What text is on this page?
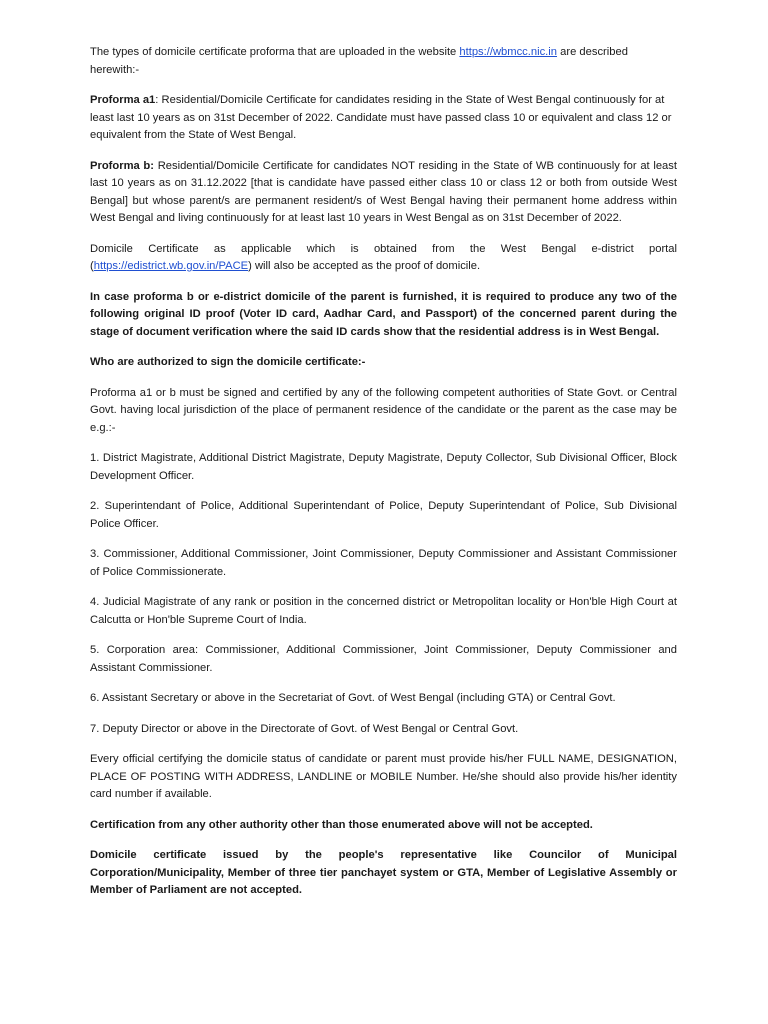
The types of domicile certificate proforma that are uploaded in the website https://wbmcc.nic.in are described herewith:-

Proforma a1: Residential/Domicile Certificate for candidates residing in the State of West Bengal continuously for at least last 10 years as on 31st December of 2022. Candidate must have passed class 10 or equivalent and class 12 or equivalent from the State of West Bengal.

Proforma b: Residential/Domicile Certificate for candidates NOT residing in the State of WB continuously for at least last 10 years as on 31.12.2022 [that is candidate have passed either class 10 or class 12 or both from outside West Bengal] but whose parent/s are permanent resident/s of West Bengal having their permanent home address within West Bengal and living continuously for at least last 10 years in West Bengal as on 31st December of 2022.

Domicile Certificate as applicable which is obtained from the West Bengal e-district portal (https://edistrict.wb.gov.in/PACE) will also be accepted as the proof of domicile.

In case proforma b or e-district domicile of the parent is furnished, it is required to produce any two of the following original ID proof (Voter ID card, Aadhar Card, and Passport) of the concerned parent during the stage of document verification where the said ID cards show that the residential address is in West Bengal.

Who are authorized to sign the domicile certificate:-

Proforma a1 or b must be signed and certified by any of the following competent authorities of State Govt. or Central Govt. having local jurisdiction of the place of permanent residence of the candidate or the parent as the case may be e.g.:-

1. District Magistrate, Additional District Magistrate, Deputy Magistrate, Deputy Collector, Sub Divisional Officer, Block Development Officer.

2. Superintendant of Police, Additional Superintendant of Police, Deputy Superintendant of Police, Sub Divisional Police Officer.

3. Commissioner, Additional Commissioner, Joint Commissioner, Deputy Commissioner and Assistant Commissioner of Police Commissionerate.

4. Judicial Magistrate of any rank or position in the concerned district or Metropolitan locality or Hon'ble High Court at Calcutta or Hon'ble Supreme Court of India.

5. Corporation area: Commissioner, Additional Commissioner, Joint Commissioner, Deputy Commissioner and Assistant Commissioner.

6. Assistant Secretary or above in the Secretariat of Govt. of West Bengal (including GTA) or Central Govt.

7. Deputy Director or above in the Directorate of Govt. of West Bengal or Central Govt.

Every official certifying the domicile status of candidate or parent must provide his/her FULL NAME, DESIGNATION, PLACE OF POSTING WITH ADDRESS, LANDLINE or MOBILE Number. He/she should also provide his/her identity card number if available.

Certification from any other authority other than those enumerated above will not be accepted.

Domicile certificate issued by the people's representative like Councilor of Municipal Corporation/Municipality, Member of three tier panchayet system or GTA, Member of Legislative Assembly or Member of Parliament are not accepted.
